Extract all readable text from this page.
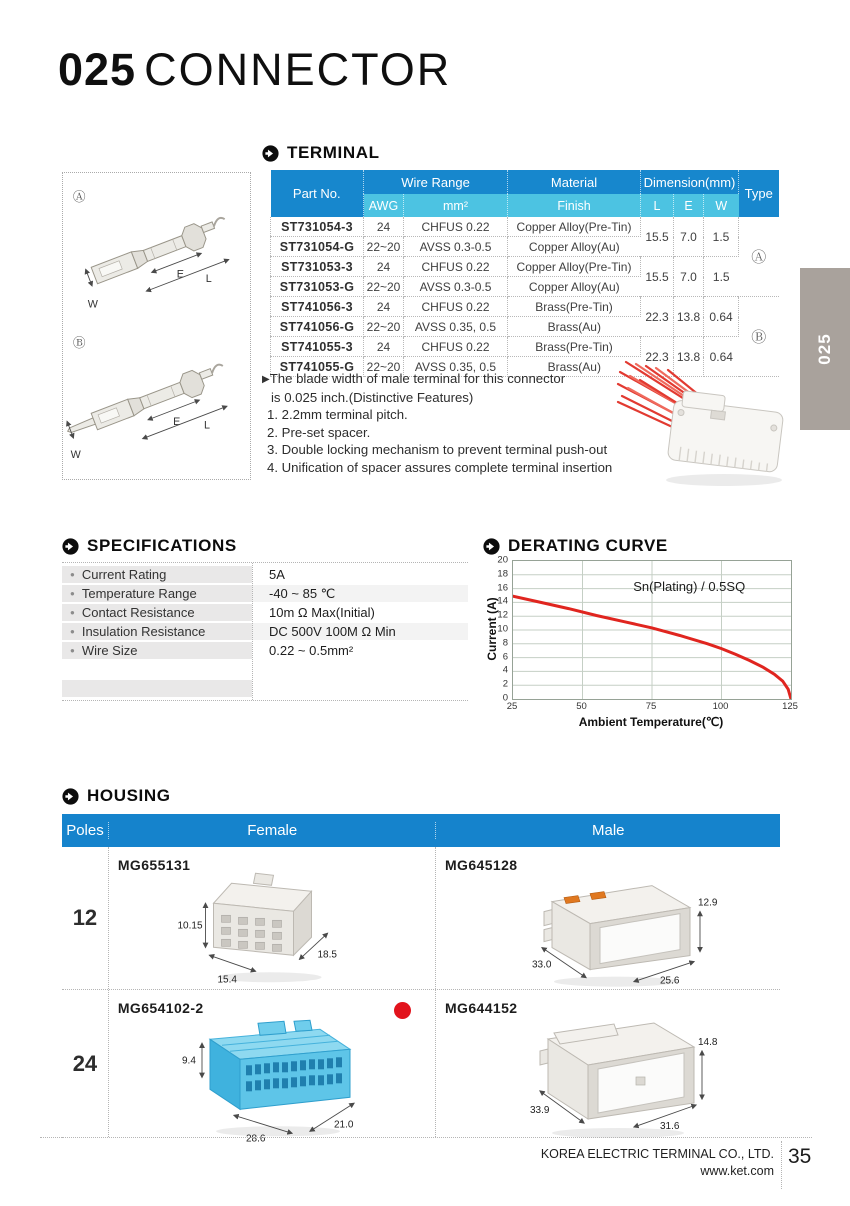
025 CONNECTOR
025
TERMINAL
Ⓐ
W
E L
Ⓑ
W
E L
Part No.	Wire Range		Material	Dimension(mm)			Type
	AWG	mm²	Finish	L	E	W	
ST731054-3	24	CHFUS 0.22	Copper Alloy(Pre-Tin)	15.5	7.0	1.5	Ⓐ
ST731054-G	22~20	AVSS 0.3-0.5	Copper Alloy(Au)				
ST731053-3	24	CHFUS 0.22	Copper Alloy(Pre-Tin)	15.5	7.0	1.5	
ST731053-G	22~20	AVSS 0.3-0.5	Copper Alloy(Au)				
ST741056-3	24	CHFUS 0.22	Brass(Pre-Tin)	22.3	13.8	0.64	Ⓑ
ST741056-G	22~20	AVSS 0.35, 0.5	Brass(Au)				
ST741055-3	24	CHFUS 0.22	Brass(Pre-Tin)	22.3	13.8	0.64	
ST741055-G	22~20	AVSS 0.35, 0.5	Brass(Au)				
▶The blade width of male terminal for this connector
is 0.025 inch.(Distinctive Features)
1. 2.2mm terminal pitch.
2. Pre-set spacer.
3. Double locking mechanism to prevent terminal push-out
4. Unification of spacer assures complete terminal insertion
SPECIFICATIONS
● Current Rating	5A
● Temperature Range	-40 ~ 85 ℃
● Contact Resistance	10m Ω Max(Initial)
● Insulation Resistance	DC 500V 100M Ω Min
● Wire Size	0.22 ~ 0.5mm²
DERATING CURVE
Current (A)
0
2
4
6
8
10
12
14
16
18
20
Sn(Plating) / 0.5SQ
25	50	75	100	125
Ambient Temperature(℃)
HOUSING
Poles	Female	Male
12
MG655131
10.15
15.4
18.5
MG645128
33.0
25.6
12.9
24
MG654102-2
9.4
28.6
21.0
MG644152
33.9
31.6
14.8
KOREA ELECTRIC TERMINAL CO., LTD.
www.ket.com
35
